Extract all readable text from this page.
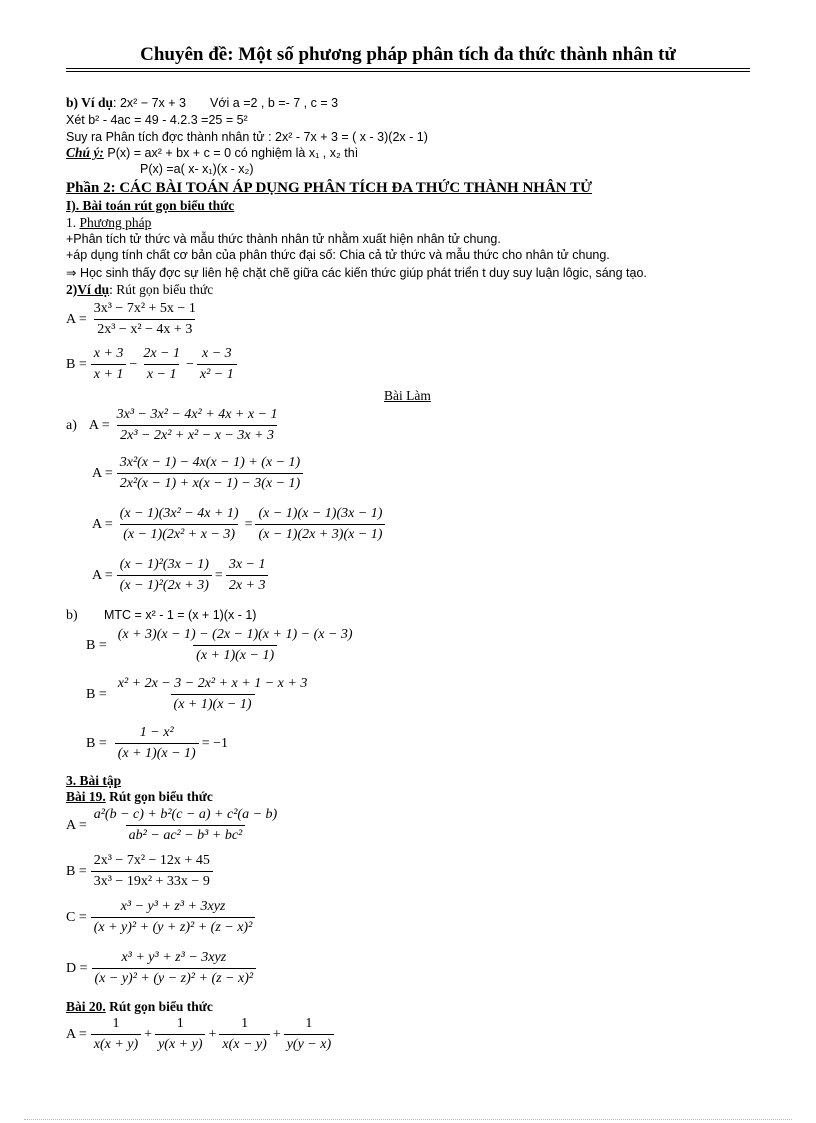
Chuyên đề: Một số phương pháp phân tích đa thức thành nhân tử
b) Ví dụ: 2x² − 7x + 3 Với a =2 , b =- 7 , c = 3
Xét b² - 4ac = 49 - 4.2.3 =25 = 5²
Suy ra Phân tích đợc thành nhân tử : 2x² - 7x + 3 = ( x - 3)(2x - 1)
Chú ý: P(x) = ax² + bx + c = 0 có nghiệm là x₁ , x₂ thì
P(x) =a( x- x₁)(x - x₂)
Phần 2: CÁC BÀI TOÁN ÁP DỤNG PHÂN TÍCH ĐA THỨC THÀNH NHÂN TỬ
I). Bài toán rút gọn biểu thức
1. Phương pháp
+Phân tích tử thức và mẫu thức thành nhân tử nhằm xuất hiện nhân tử chung.
+áp dụng tính chất cơ bản của phân thức đại số: Chia cả tử thức và mẫu thức cho nhân tử chung.
⇒ Học sinh thấy đợc sự liên hệ chặt chẽ giữa các kiến thức giúp phát triển t duy suy luận lôgic, sáng tạo.
2)Ví dụ: Rút gọn biểu thức
$A = \frac{\text{3x³ − 7x² + 5x − 1}}{\text{2x³ − x² − 4x + 3}}$
$B = \frac{x + 3}{x + 1} - \frac{2x - 1}{x - 1} - \frac{x - 3}{\text{x² − 1}}$
Bài Làm
a) $A = \frac{\text{3x³ − 3x² − 4x² + 4x + x − 1}}{\text{2x³ − 2x² + x² − x − 3x + 3}}$
$A = \frac{\text{3x²(x − 1) − 4x(x − 1) + (x − 1)}}{\text{2x²(x − 1) + x(x − 1) − 3(x − 1)}}$
$A = \frac{\text{(x − 1)(3x² − 4x + 1)}}{\text{(x − 1)(2x² + x − 3)}} = \frac{(x - 1)(x - 1)(3x - 1)}{(x - 1)(2x + 3)(x - 1)}$
$A = \frac{\text{(x − 1)²(3x − 1)}}{\text{(x − 1)²(2x + 3)}} = \frac{3x - 1}{2x + 3}$
b) MTC = x² - 1 = (x + 1)(x - 1)
$B = \frac{(x + 3)(x - 1) - (2x - 1)(x + 1) - (x - 3)}{(x + 1)(x - 1)}$
$B = \frac{\text{x² + 2x − 3 − 2x² + x + 1 − x + 3}}{(x + 1)(x - 1)}$
$B = \frac{\text{1 − x²}}{(x + 1)(x - 1)} = -1$
3. Bài tập
Bài 19. Rút gọn biểu thức
$A = \frac{\text{a²(b − c) + b²(c − a) + c²(a − b)}}{\text{ab² − ac² − b³ + bc²}}$
$B = \frac{\text{2x³ − 7x² − 12x + 45}}{\text{3x³ − 19x² + 33x − 9}}$
C =
x³ − y³ + z³ + 3xyz
(x + y)² + (y + z)² + (z − x)²
D =
x³ + y³ + z³ − 3xyz
(x − y)² + (y − z)² + (z − x)²
Bài 20. Rút gọn biểu thức
$A = \frac{1}{x(x + y)} + \frac{1}{y(x + y)} + \frac{1}{x(x - y)} + \frac{1}{y(y - x)}$
